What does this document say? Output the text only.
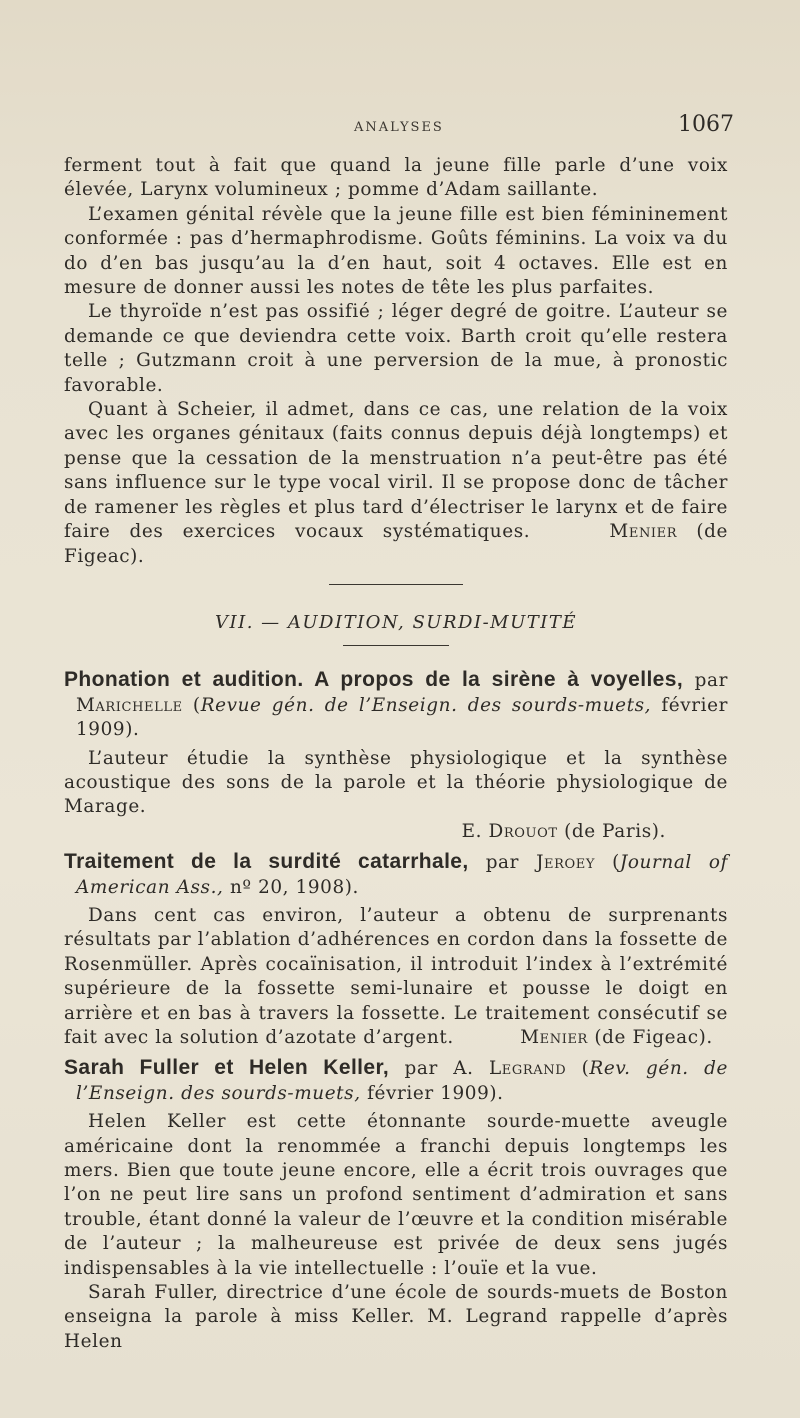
ANALYSES	1067

ferment tout à fait que quand la jeune fille parle d’une voix élevée, Larynx volumineux ; pomme d’Adam saillante.

L’examen génital révèle que la jeune fille est bien fémininement conformée : pas d’hermaphrodisme. Goûts féminins. La voix va du do d’en bas jusqu’au la d’en haut, soit 4 octaves. Elle est en mesure de donner aussi les notes de tête les plus parfaites.

Le thyroïde n’est pas ossifié ; léger degré de goitre. L’auteur se demande ce que deviendra cette voix. Barth croit qu’elle restera telle ; Gutzmann croit à une perversion de la mue, à pronostic favorable.

Quant à Scheier, il admet, dans ce cas, une relation de la voix avec les organes génitaux (faits connus depuis déjà longtemps) et pense que la cessation de la menstruation n’a peut-être pas été sans influence sur le type vocal viril. Il se propose donc de tâcher de ramener les règles et plus tard d’électriser le larynx et de faire faire des exercices vocaux systématiques.	Menier (de Figeac).

VII. — AUDITION, SURDI-MUTITÉ

Phonation et audition. A propos de la sirène à voyelles, par Marichelle (Revue gén. de l’Enseign. des sourds-muets, février 1909).

L’auteur étudie la synthèse physiologique et la synthèse acoustique des sons de la parole et la théorie physiologique de Marage.

E. Drouot (de Paris).

Traitement de la surdité catarrhale, par Jeroey (Journal of American Ass., nº 20, 1908).

Dans cent cas environ, l’auteur a obtenu de surprenants résultats par l’ablation d’adhérences en cordon dans la fossette de Rosenmüller. Après cocaïnisation, il introduit l’index à l’extrémité supérieure de la fossette semi-lunaire et pousse le doigt en arrière et en bas à travers la fossette. Le traitement consécutif se fait avec la solution d’azotate d’argent.	Menier (de Figeac).

Sarah Fuller et Helen Keller, par A. Legrand (Rev. gén. de l’Enseign. des sourds-muets, février 1909).

Helen Keller est cette étonnante sourde-muette aveugle américaine dont la renommée a franchi depuis longtemps les mers. Bien que toute jeune encore, elle a écrit trois ouvrages que l’on ne peut lire sans un profond sentiment d’admiration et sans trouble, étant donné la valeur de l’œuvre et la condition misérable de l’auteur ; la malheureuse est privée de deux sens jugés indispensables à la vie intellectuelle : l’ouïe et la vue.

Sarah Fuller, directrice d’une école de sourds-muets de Boston enseigna la parole à miss Keller. M. Legrand rappelle d’après Helen
